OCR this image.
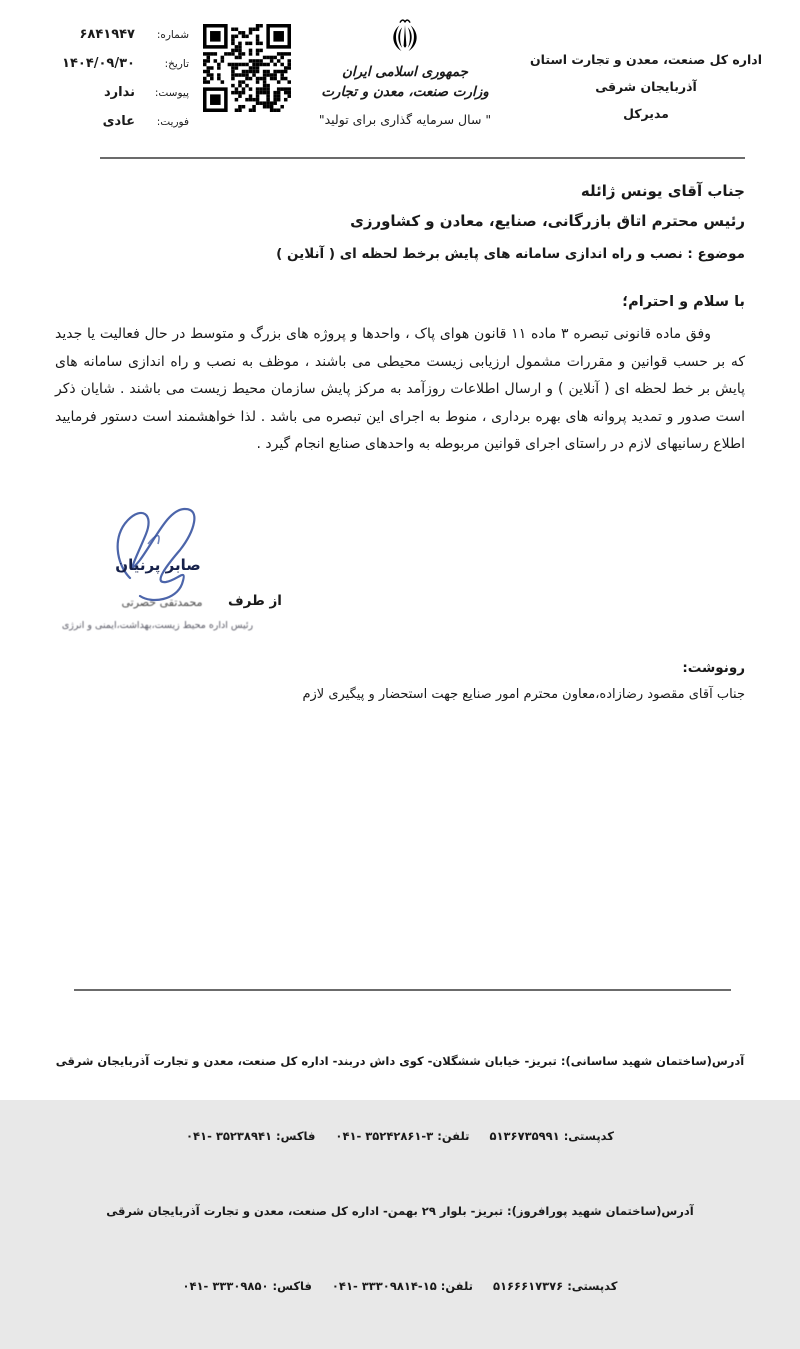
اداره کل صنعت، معدن و تجارت استان آذربایجان شرقی
مدیرکل
جمهوری اسلامی ایران
وزارت صنعت، معدن و تجارت
" سال سرمایه گذاری برای تولید"
شماره:
۶۸۴۱۹۴۷
تاریخ:
۱۴۰۴/۰۹/۳۰
پیوست:
ندارد
فوریت:
عادی
جناب آقای یونس ژائله
رئیس محترم اتاق بازرگانی، صنایع، معادن و کشاورزی
موضوع : نصب و راه اندازی سامانه های پایش برخط لحظه ای ( آنلاین )
با سلام و احترام؛
وفق ماده قانونی تبصره ۳ ماده ۱۱ قانون هوای پاک ، واحدها و پروژه های بزرگ و متوسط در حال فعالیت یا جدید که بر حسب قوانین و مقررات مشمول ارزیابی زیست محیطی می باشند ، موظف به نصب و راه اندازی سامانه های پایش بر خط لحظه ای ( آنلاین ) و ارسال اطلاعات روزآمد به مرکز پایش سازمان محیط زیست می باشند . شایان ذکر است صدور و تمدید پروانه های بهره برداری ، منوط به اجرای این تبصره می باشد . لذا خواهشمند است دستور فرمایید اطلاع رسانیهای لازم در راستای اجرای قوانین مربوطه به واحدهای صنایع انجام گیرد .
صابر پرنیان
از طرف
محمدتقی حصرتی
رئیس اداره محیط زیست،بهداشت،ایمنی و انرژی
رونوشت:
جناب آقای مقصود رضازاده،معاون محترم امور صنایع جهت استحضار و پیگیری لازم

آدرس(ساختمان شهید ساسانی): تبریز- خیابان ششگلان- کوی داش دربند- اداره کل صنعت، معدن و تجارت آذربایجان شرقی

کدپستی: ۵۱۳۶۷۳۵۹۹۱     تلفن: ۳-۳۵۲۴۲۸۶۱ -۰۴۱     فاکس: ۳۵۲۳۸۹۴۱ -۰۴۱

آدرس(ساختمان شهید پورافروز): تبریز- بلوار ۲۹ بهمن- اداره کل صنعت، معدن و تجارت آذربایجان شرقی

کدپستی: ۵۱۶۶۶۱۷۳۷۶     تلفن: ۱۵-۳۳۳۰۹۸۱۴ -۰۴۱     فاکس: ۳۳۳۰۹۸۵۰ -۰۴۱
